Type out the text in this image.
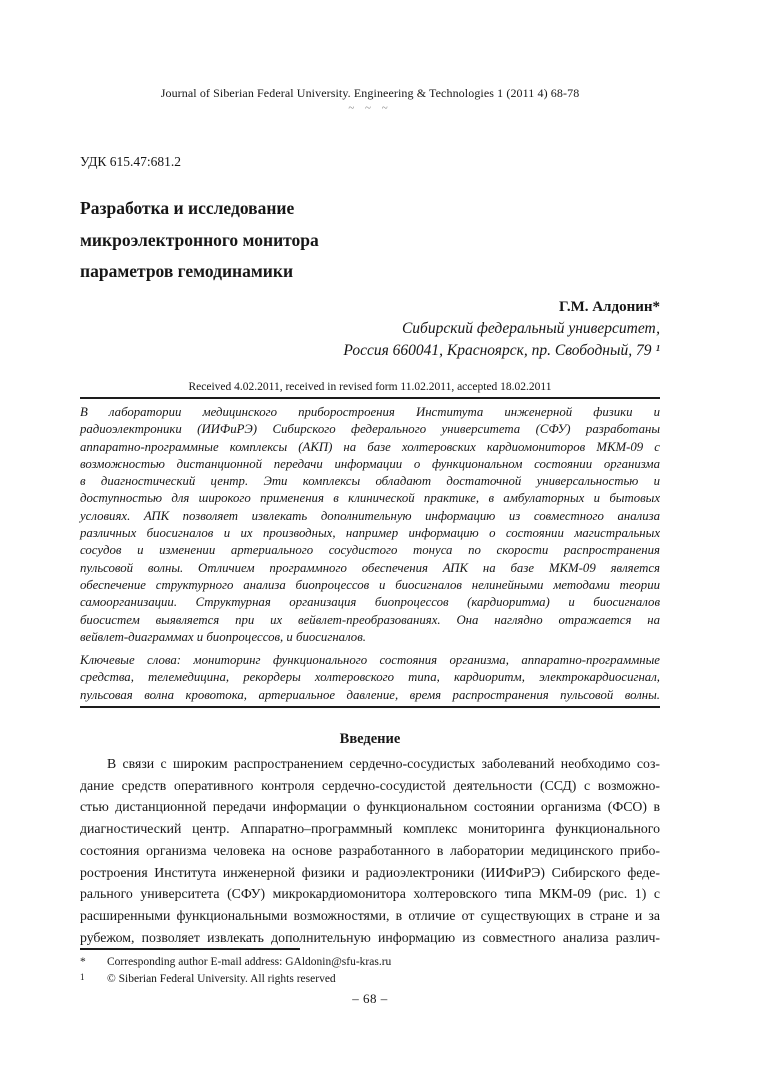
Journal of Siberian Federal University. Engineering & Technologies 1 (2011 4) 68-78
~ ~ ~
УДК 615.47:681.2
Разработка и исследование
микроэлектронного монитора
параметров гемодинамики
Г.М. Алдонин*
Сибирский федеральный университет,
Россия 660041, Красноярск, пр. Свободный, 79 ¹
Received 4.02.2011, received in revised form 11.02.2011, accepted 18.02.2011
В лаборатории медицинского приборостроения Института инженерной физики и
радиоэлектроники (ИИФиРЭ) Сибирского федерального университета (СФУ) разработаны
аппаратно-программные комплексы (АКП) на базе холтеровских кардиомониторов МКМ-09 с
возможностью дистанционной передачи информации о функциональном состоянии организма
в диагностический центр. Эти комплексы обладают достаточной универсальностью и
доступностью для широкого применения в клинической практике, в амбулаторных и бытовых
условиях. АПК позволяет извлекать дополнительную информацию из совместного анализа
различных биосигналов и их производных, например информацию о состоянии магистральных
сосудов и изменении артериального сосудистого тонуса по скорости распространения
пульсовой волны. Отличием программного обеспечения АПК на базе МКМ-09 является
обеспечение структурного анализа биопроцессов и биосигналов нелинейными методами теории
самоорганизации. Структурная организация биопроцессов (кардиоритма) и биосигналов
биосистем выявляется при их вейвлет-преобразованиях. Она наглядно отражается на
вейвлет-диаграммах и биопроцессов, и биосигналов.
Ключевые слова: мониторинг функционального состояния организма, аппаратно-программные
средства, телемедицина, рекордеры холтеровского типа, кардиоритм, электрокардиосигнал,
пульсовая волна кровотока, артериальное давление, время распространения пульсовой волны.
Введение
В связи с широким распространением сердечно-сосудистых заболеваний необходимо соз-
дание средств оперативного контроля сердечно-сосудистой деятельности (ССД) с возможно-
стью дистанционной передачи информации о функциональном состоянии организма (ФСО) в
диагностический центр. Аппаратно–программный комплекс мониторинга функционального
состояния организма человека на основе разработанного в лаборатории медицинского прибо-
ростроения Института инженерной физики и радиоэлектроники (ИИФиРЭ) Сибирского феде-
рального университета (СФУ) микрокардиомонитора холтеровского типа МКМ-09 (рис. 1) с
расширенными функциональными возможностями, в отличие от существующих в стране и за
рубежом, позволяет извлекать дополнительную информацию из совместного анализа различ-
*	Corresponding author E-mail address: GAldonin@sfu-kras.ru
1	© Siberian Federal University. All rights reserved
– 68 –
